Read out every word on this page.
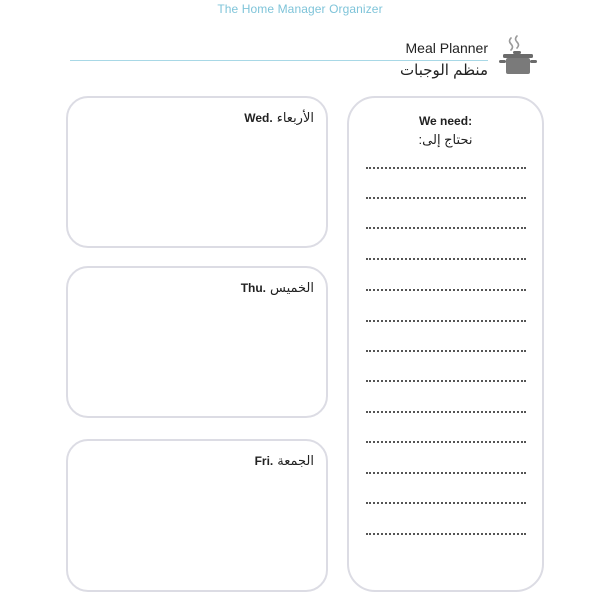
The Home Manager Organizer
Meal Planner
منظم الوجبات
Wed. الأربعاء
Thu. الخميس
Fri. الجمعة
We need:
نحتاج إلى:
